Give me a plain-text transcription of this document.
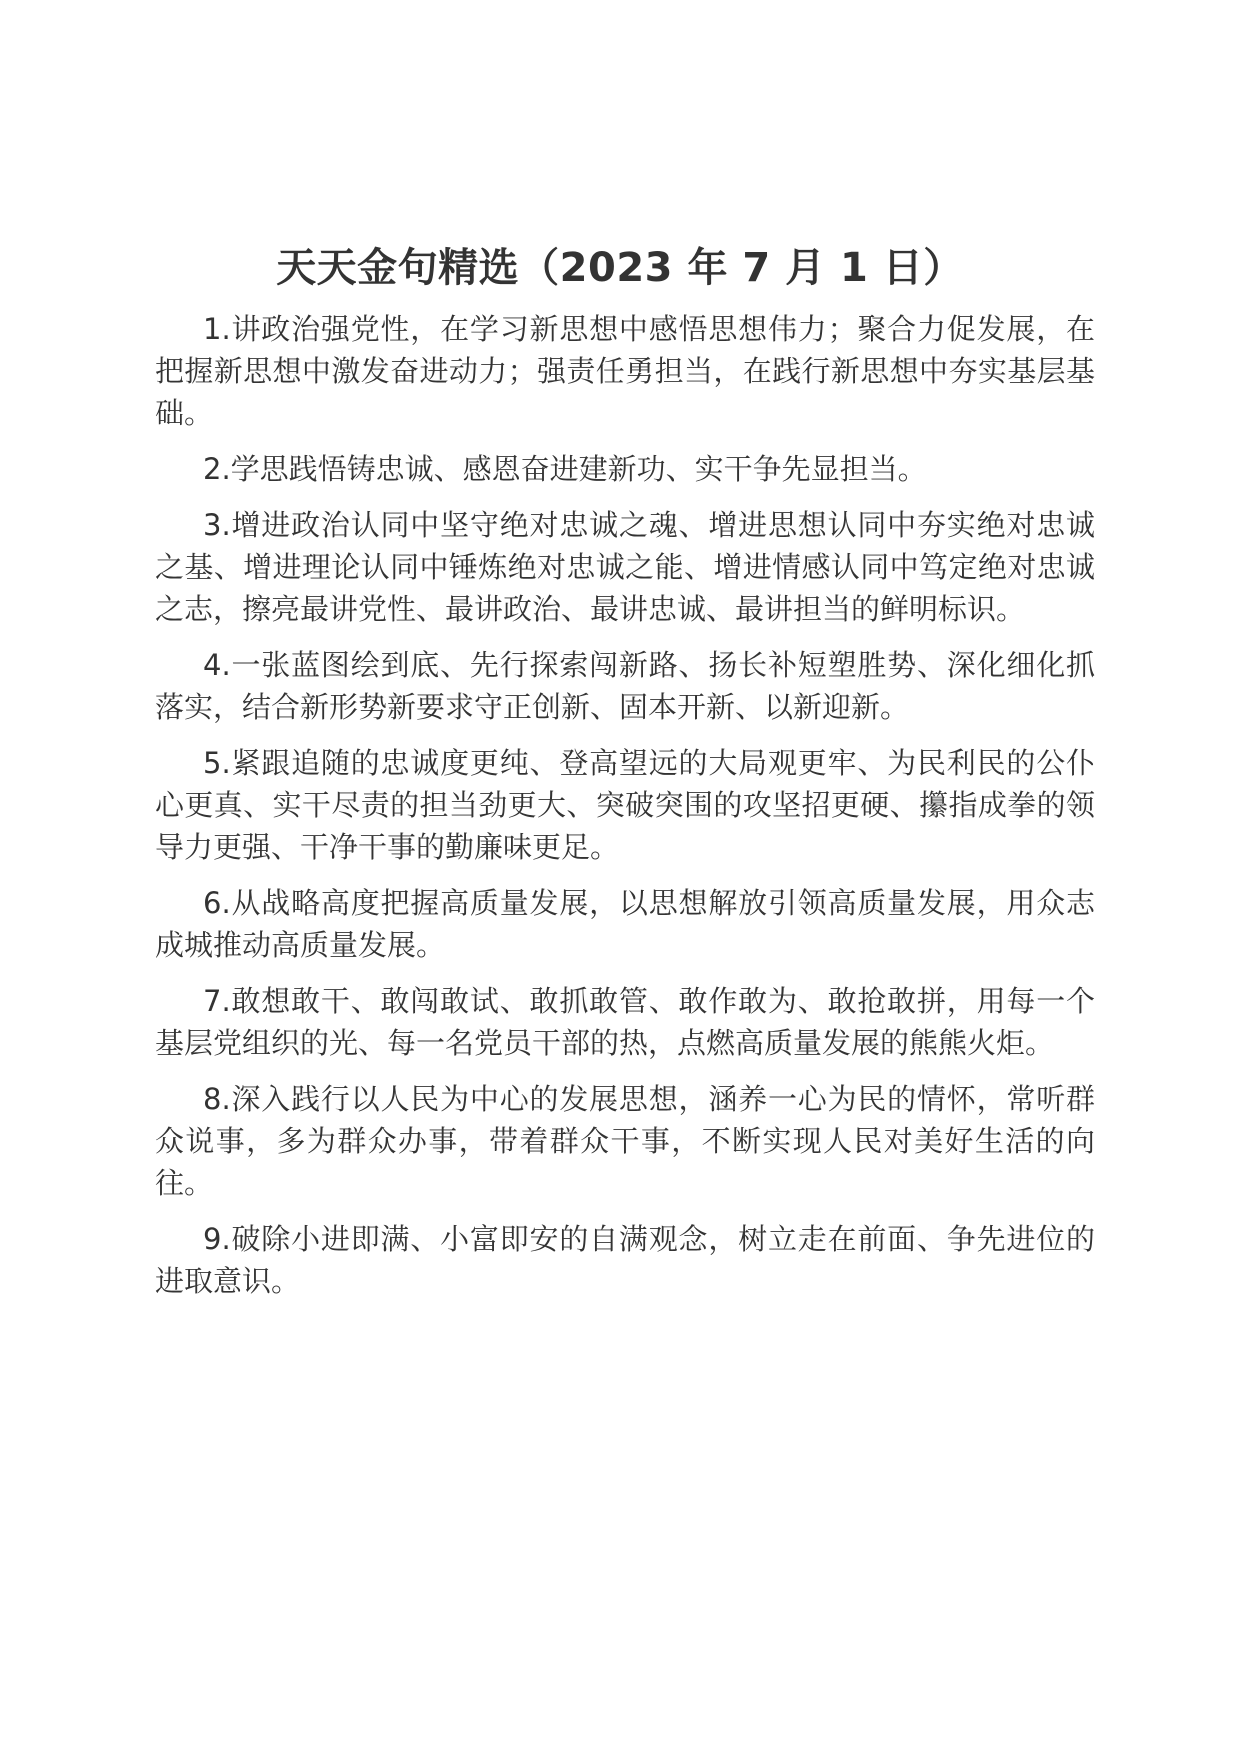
天天金句精选（2023 年 7 月 1 日）

1.讲政治强党性，在学习新思想中感悟思想伟力；聚合力促发展，在把握新思想中激发奋进动力；强责任勇担当，在践行新思想中夯实基层基础。

2.学思践悟铸忠诚、感恩奋进建新功、实干争先显担当。

3.增进政治认同中坚守绝对忠诚之魂、增进思想认同中夯实绝对忠诚之基、增进理论认同中锤炼绝对忠诚之能、增进情感认同中笃定绝对忠诚之志，擦亮最讲党性、最讲政治、最讲忠诚、最讲担当的鲜明标识。

4.一张蓝图绘到底、先行探索闯新路、扬长补短塑胜势、深化细化抓落实，结合新形势新要求守正创新、固本开新、以新迎新。

5.紧跟追随的忠诚度更纯、登高望远的大局观更牢、为民利民的公仆心更真、实干尽责的担当劲更大、突破突围的攻坚招更硬、攥指成拳的领导力更强、干净干事的勤廉味更足。

6.从战略高度把握高质量发展，以思想解放引领高质量发展，用众志成城推动高质量发展。

7.敢想敢干、敢闯敢试、敢抓敢管、敢作敢为、敢抢敢拼，用每一个基层党组织的光、每一名党员干部的热，点燃高质量发展的熊熊火炬。

8.深入践行以人民为中心的发展思想，涵养一心为民的情怀，常听群众说事，多为群众办事，带着群众干事，不断实现人民对美好生活的向往。

9.破除小进即满、小富即安的自满观念，树立走在前面、争先进位的进取意识。
